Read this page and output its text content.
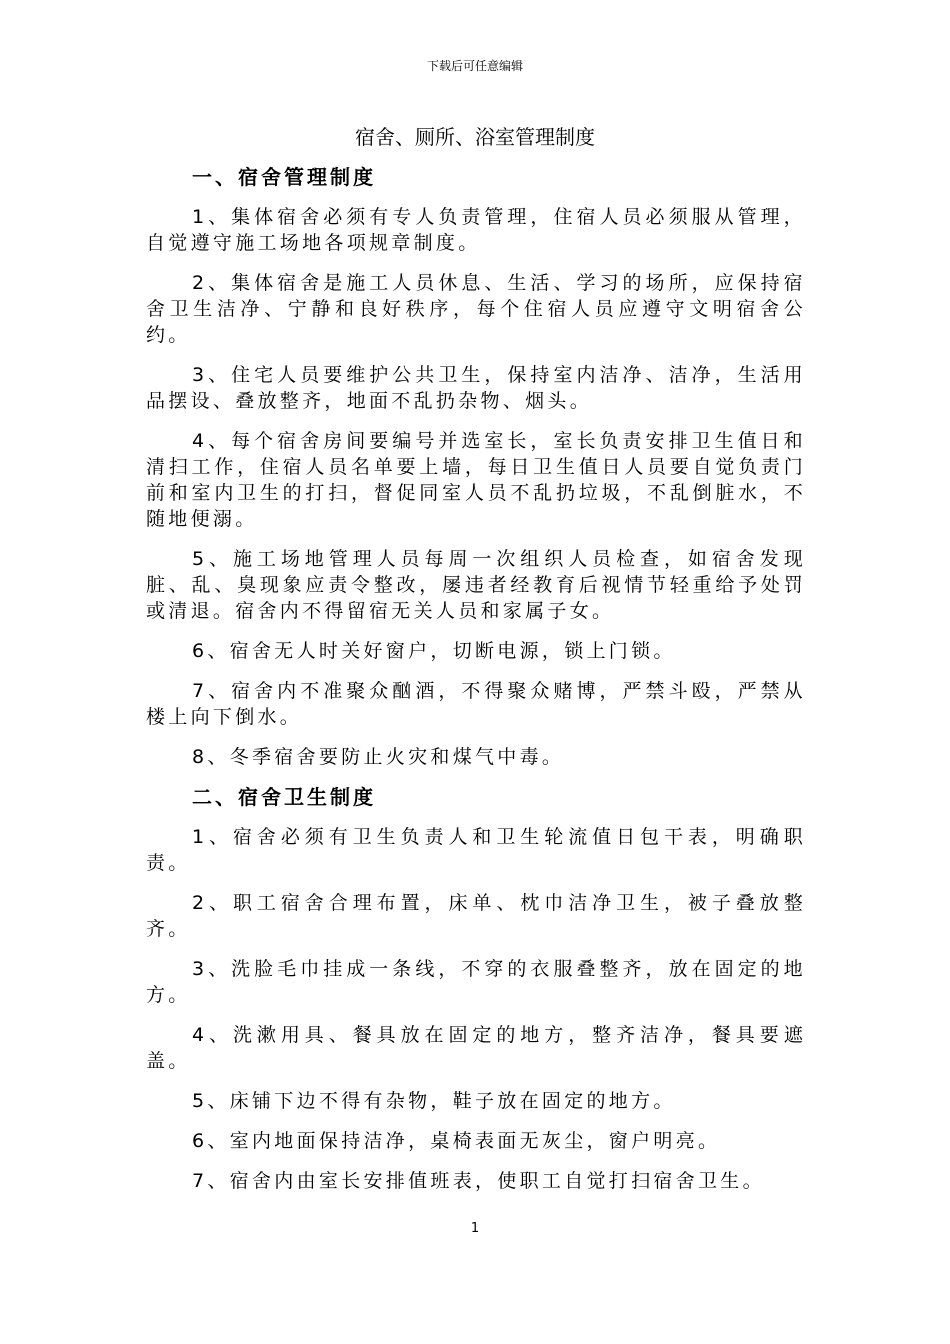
下载后可任意编辑
宿舍、厕所、浴室管理制度
一、宿舍管理制度

1、集体宿舍必须有专人负责管理，住宿人员必须服从管理，自觉遵守施工场地各项规章制度。

2、集体宿舍是施工人员休息、生活、学习的场所，应保持宿舍卫生洁净、宁静和良好秩序，每个住宿人员应遵守文明宿舍公约。

3、住宅人员要维护公共卫生，保持室内洁净、洁净，生活用品摆设、叠放整齐，地面不乱扔杂物、烟头。

4、每个宿舍房间要编号并选室长，室长负责安排卫生值日和清扫工作，住宿人员名单要上墙，每日卫生值日人员要自觉负责门前和室内卫生的打扫，督促同室人员不乱扔垃圾，不乱倒脏水，不随地便溺。

5、施工场地管理人员每周一次组织人员检查，如宿舍发现脏、乱、臭现象应责令整改，屡违者经教育后视情节轻重给予处罚或清退。宿舍内不得留宿无关人员和家属子女。

6、宿舍无人时关好窗户，切断电源，锁上门锁。

7、宿舍内不准聚众酗酒，不得聚众赌博，严禁斗殴，严禁从楼上向下倒水。

8、冬季宿舍要防止火灾和煤气中毒。

二、宿舍卫生制度

1、宿舍必须有卫生负责人和卫生轮流值日包干表，明确职责。

2、职工宿舍合理布置，床单、枕巾洁净卫生，被子叠放整齐。

3、洗脸毛巾挂成一条线，不穿的衣服叠整齐，放在固定的地方。

4、洗漱用具、餐具放在固定的地方，整齐洁净，餐具要遮盖。

5、床铺下边不得有杂物，鞋子放在固定的地方。

6、室内地面保持洁净，桌椅表面无灰尘，窗户明亮。

7、宿舍内由室长安排值班表，使职工自觉打扫宿舍卫生。

1
